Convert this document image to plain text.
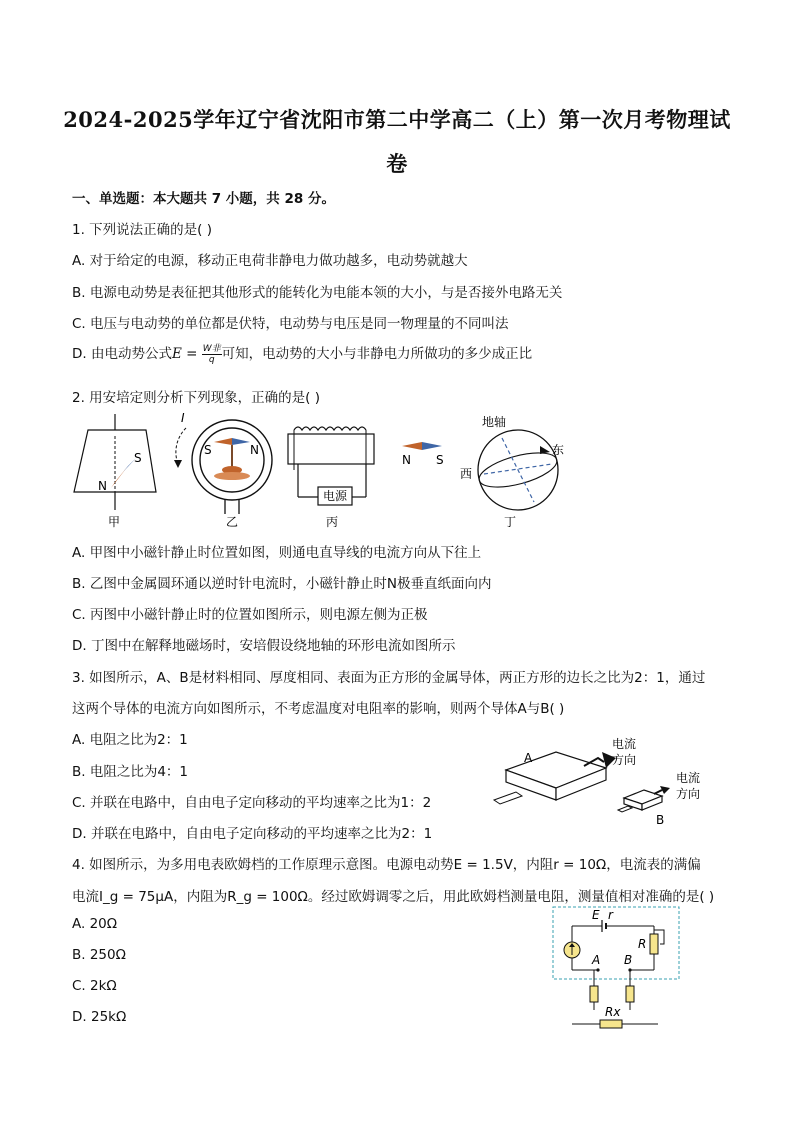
2024-2025学年辽宁省沈阳市第二中学高二（上）第一次月考物理试
卷
一、单选题：本大题共 7 小题，共 28 分。
1. 下列说法正确的是( )
A. 对于给定的电源，移动正电荷非静电力做功越多，电动势就越大
B. 电源电动势是表征把其他形式的能转化为电能本领的大小，与是否接外电路无关
C. 电压与电动势的单位都是伏特，电动势与电压是同一物理量的不同叫法
D. 由电动势公式$E = \frac{\text{W非}}{q}$ 可知，电动势的大小与非静电力所做功的多少成正比
2. 用安培定则分析下列现象，正确的是( )
S
N
甲
I
S	N
乙
电源
N S
丙
地轴
东
西
丁
A. 甲图中小磁针静止时位置如图，则通电直导线的电流方向从下往上
B. 乙图中金属圆环通以逆时针电流时，小磁针静止时N极垂直纸面向内
C. 丙图中小磁针静止时的位置如图所示，则电源左侧为正极
D. 丁图中在解释地磁场时，安培假设绕地轴的环形电流如图所示
3. 如图所示，A、B是材料相同、厚度相同、表面为正方形的金属导体，两正方形的边长之比为2：1，通过
这两个导体的电流方向如图所示，不考虑温度对电阻率的影响，则两个导体A与B( )
A. 电阻之比为2：1
B. 电阻之比为4：1
C. 并联在电路中，自由电子定向移动的平均速率之比为1：2
D. 并联在电路中，自由电子定向移动的平均速率之比为2：1
A
电流
方向
电流
方向
B
4. 如图所示，为多用电表欧姆档的工作原理示意图。电源电动势E = 1.5V，内阻r = 10Ω，电流表的满偏
电流I_g = 75μA，内阻为R_g = 100Ω。经过欧姆调零之后，用此欧姆档测量电阻，测量值相对准确的是( )
A. 20Ω
B. 250Ω
C. 2kΩ
D. 25kΩ
E r
R
A B
Rx
